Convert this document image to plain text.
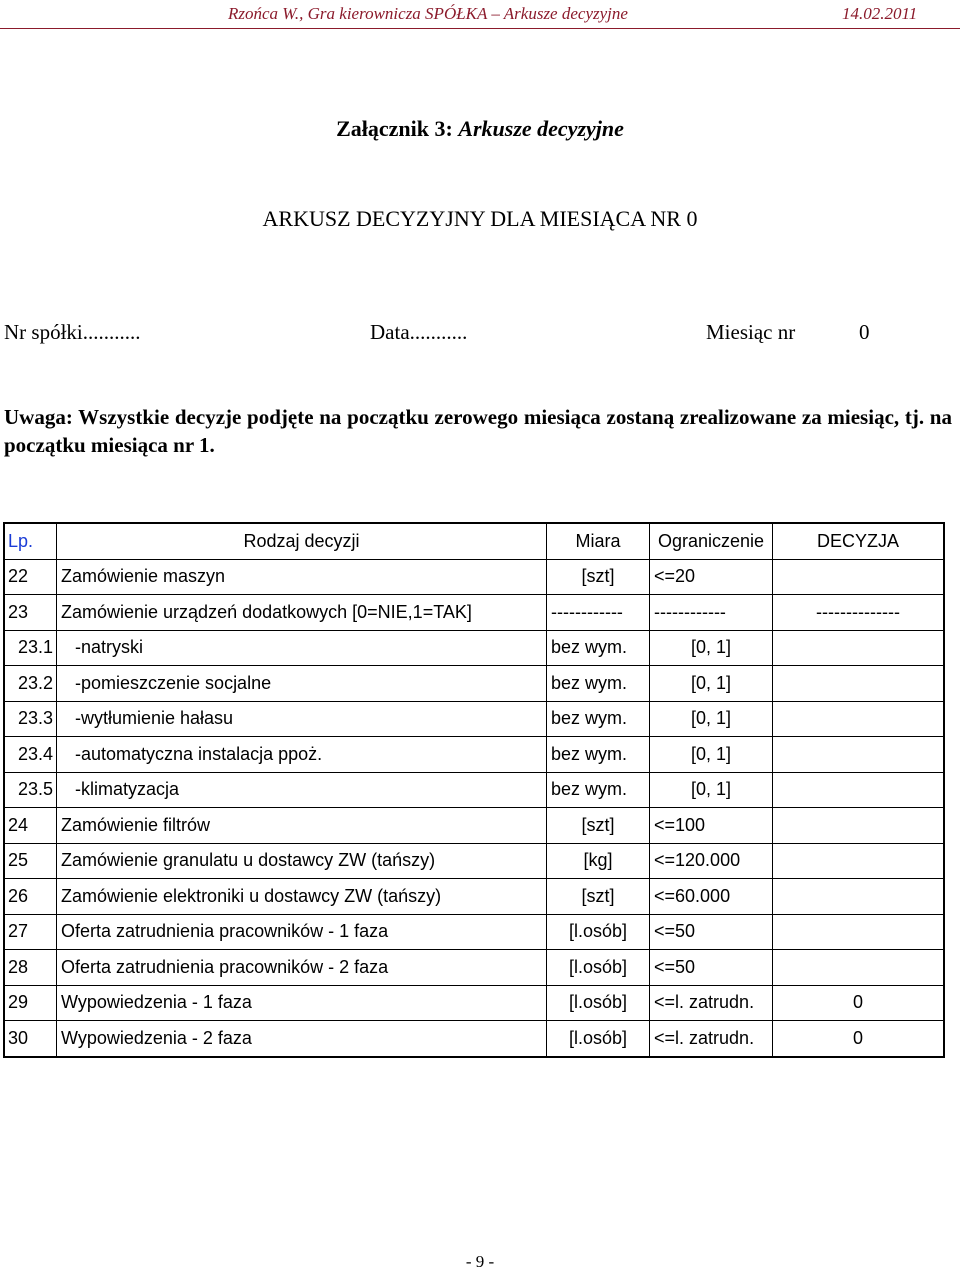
Rzońca W., Gra kierownicza SPÓŁKA – Arkusze decyzyjne	14.02.2011
Załącznik 3: Arkusze decyzyjne
ARKUSZ DECYZYJNY DLA MIESIĄCA NR 0
Nr spółki...........	Data...........	Miesiąc nr	0
Uwaga: Wszystkie decyzje podjęte na początku zerowego miesiąca zostaną zrealizowane za miesiąc, tj. na początku miesiąca nr 1.
Lp.	Rodzaj decyzji	Miara	Ograniczenie	DECYZJA
22	Zamówienie maszyn	[szt]	<=20	
23	Zamówienie urządzeń dodatkowych [0=NIE,1=TAK]	------------	------------	--------------
23.1	-natryski	bez wym.	[0, 1]	
23.2	-pomieszczenie socjalne	bez wym.	[0, 1]	
23.3	-wytłumienie hałasu	bez wym.	[0, 1]	
23.4	-automatyczna instalacja ppoż.	bez wym.	[0, 1]	
23.5	-klimatyzacja	bez wym.	[0, 1]	
24	Zamówienie filtrów	[szt]	<=100	
25	Zamówienie granulatu u dostawcy ZW (tańszy)	[kg]	<=120.000	
26	Zamówienie elektroniki u dostawcy ZW (tańszy)	[szt]	<=60.000	
27	Oferta zatrudnienia pracowników - 1 faza	[l.osób]	<=50	
28	Oferta zatrudnienia pracowników - 2 faza	[l.osób]	<=50	
29	Wypowiedzenia - 1 faza	[l.osób]	<=l. zatrudn.	0
30	Wypowiedzenia - 2 faza	[l.osób]	<=l. zatrudn.	0
- 9 -
